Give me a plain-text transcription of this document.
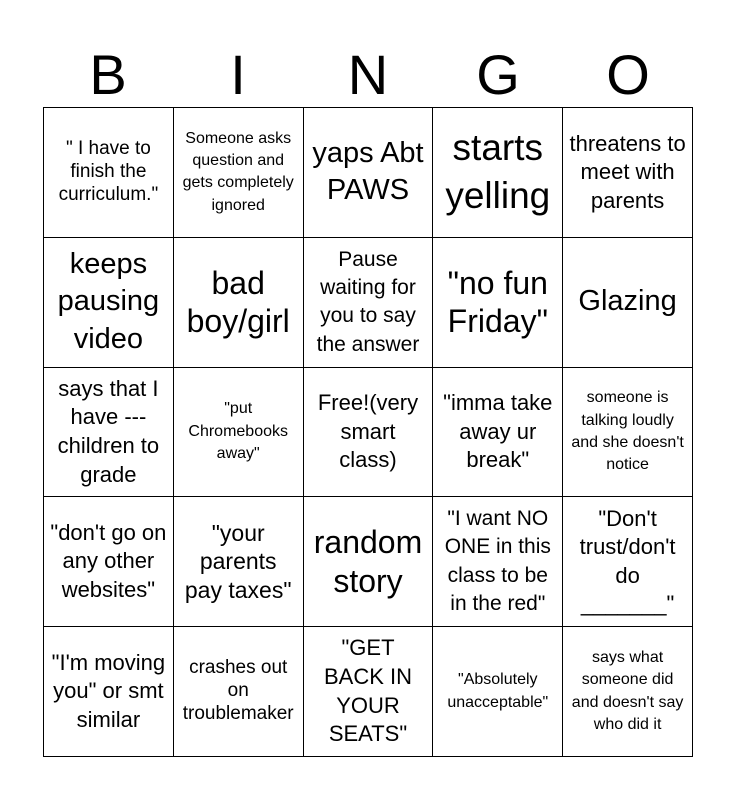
B	I	N	G	O
" I have to finish the curriculum."
Someone asks question and gets completely ignored
yaps Abt PAWS
starts yelling
threatens to meet with parents
keeps pausing video
bad boy/girl
Pause waiting for you to say the answer
"no fun Friday"
Glazing
says that I have --- children to grade
"put Chromebooks away"
Free!(very smart class)
"imma take away ur break"
someone is talking loudly and she doesn't notice
"don't go on any other websites"
"your parents pay taxes"
random story
"I want NO ONE in this class to be in the red"
"Don't trust/don't do _______"
"I'm moving you" or smt similar
crashes out on troublemaker
"GET BACK IN YOUR SEATS"
"Absolutely unacceptable"
says what someone did and doesn't say who did it
